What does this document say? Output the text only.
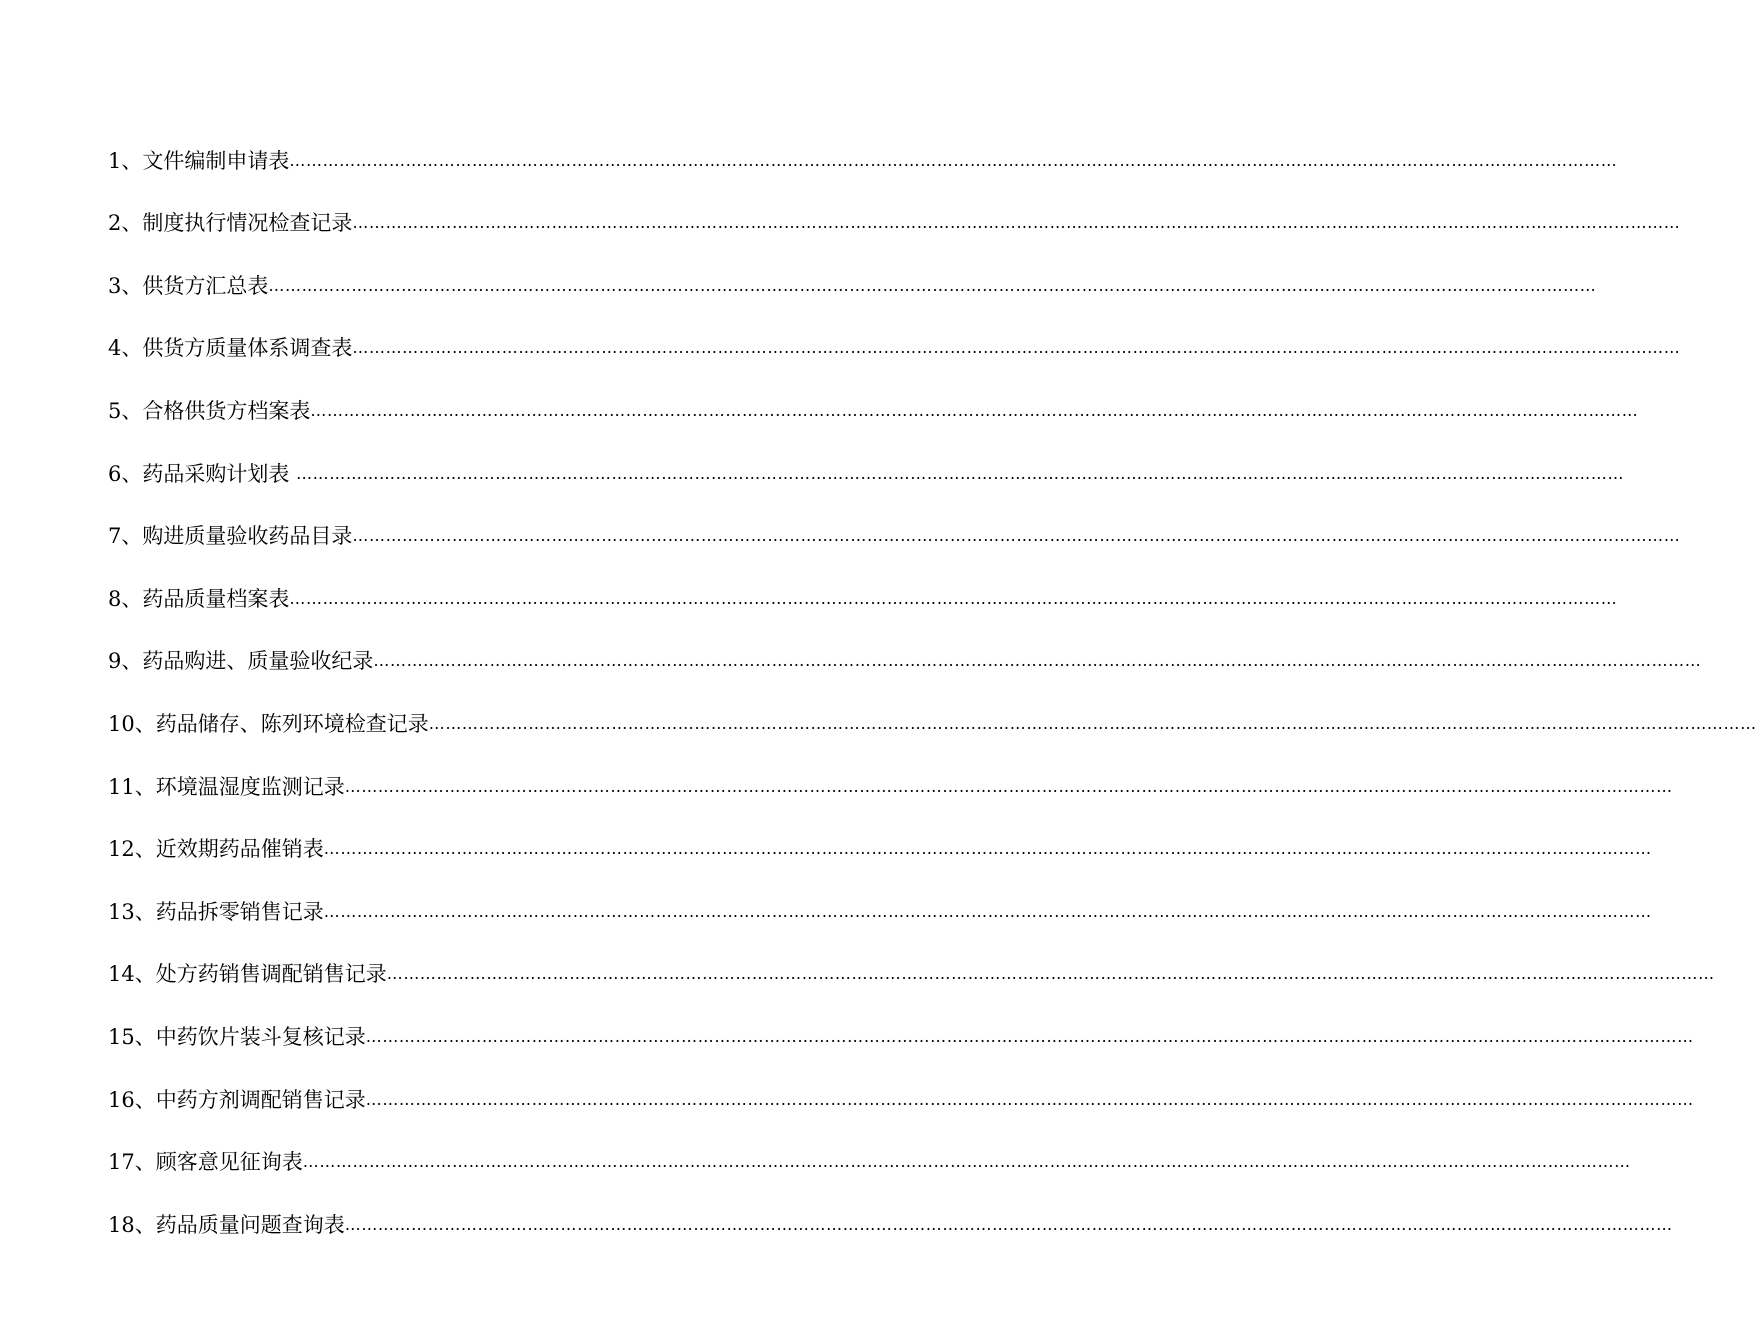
1 、 文件编制申请表 ……………………………………………………………………………………………………………………………………………………………………………………………………………………
2 、 制度执行情况检查记录 ……………………………………………………………………………………………………………………………………………………………………………………………………………………
3 、 供货方汇总表 ……………………………………………………………………………………………………………………………………………………………………………………………………………………
4 、 供货方质量体系调查表 ……………………………………………………………………………………………………………………………………………………………………………………………………………………
5 、 合格供货方档案表 ……………………………………………………………………………………………………………………………………………………………………………………………………………………
6 、 药品采购计划表 ……………………………………………………………………………………………………………………………………………………………………………………………………………………
7 、 购进质量验收药品目录 ……………………………………………………………………………………………………………………………………………………………………………………………………………………
8 、 药品质量档案表 ……………………………………………………………………………………………………………………………………………………………………………………………………………………
9 、 药品购进、质量验收纪录 ……………………………………………………………………………………………………………………………………………………………………………………………………………………
10 、 药品储存、陈列环境检查记录 ……………………………………………………………………………………………………………………………………………………………………………………………………………………
11 、 环境温湿度监测记录 ……………………………………………………………………………………………………………………………………………………………………………………………………………………
12 、 近效期药品催销表 ……………………………………………………………………………………………………………………………………………………………………………………………………………………
13 、 药品拆零销售记录 ……………………………………………………………………………………………………………………………………………………………………………………………………………………
14 、 处方药销售调配销售记录 ……………………………………………………………………………………………………………………………………………………………………………………………………………………
15 、 中药饮片装斗复核记录 ……………………………………………………………………………………………………………………………………………………………………………………………………………………
16 、 中药方剂调配销售记录 ……………………………………………………………………………………………………………………………………………………………………………………………………………………
17 、 顾客意见征询表 ……………………………………………………………………………………………………………………………………………………………………………………………………………………
18 、 药品质量问题查询表 ……………………………………………………………………………………………………………………………………………………………………………………………………………………
